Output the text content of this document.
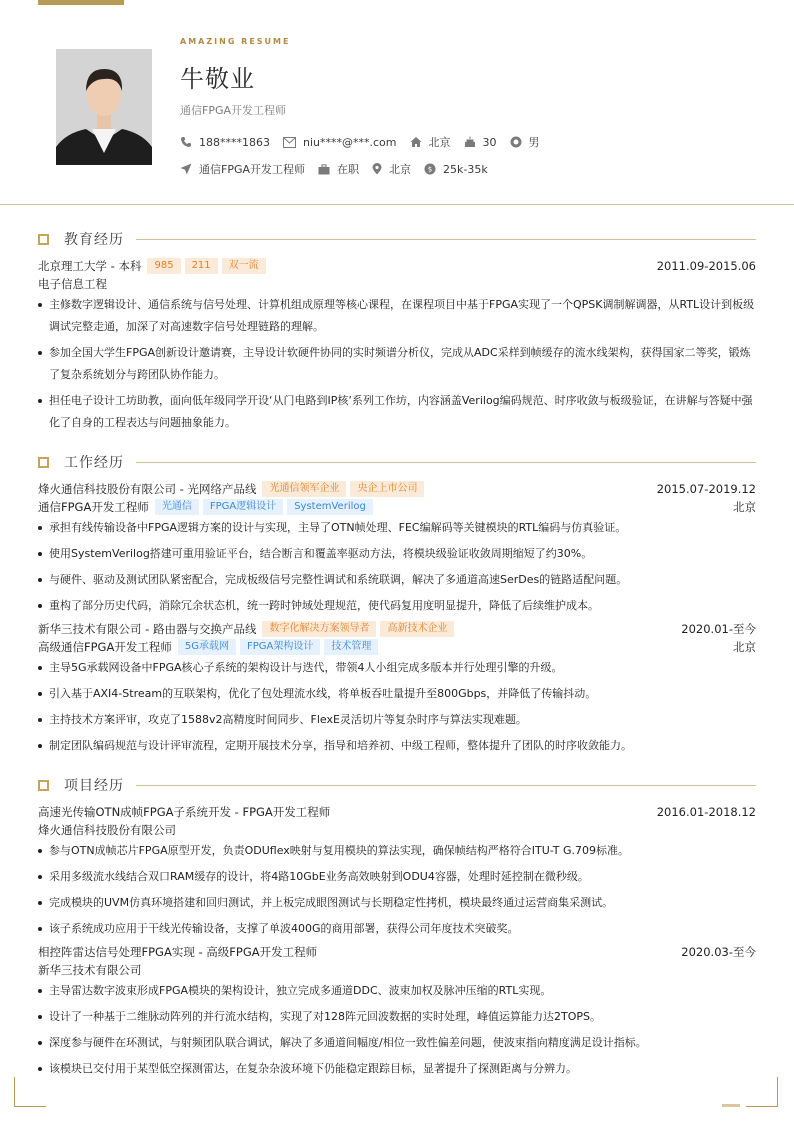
AMAZING RESUME
牛敬业
通信FPGA开发工程师
188****1863	niu****@***.com	北京	30	男
通信FPGA开发工程师	在职	北京 $ 25k-35k
教育经历
北京理工大学 - 本科	985	211	双一流	2011.09-2015.06
电子信息工程
主修数字逻辑设计、通信系统与信号处理、计算机组成原理等核心课程，在课程项目中基于FPGA实现了一个QPSK调制解调器，从RTL设计到板级调试完整走通，加深了对高速数字信号处理链路的理解。
参加全国大学生FPGA创新设计邀请赛，主导设计软硬件协同的实时频谱分析仪，完成从ADC采样到帧缓存的流水线架构，获得国家二等奖，锻炼了复杂系统划分与跨团队协作能力。
担任电子设计工坊助教，面向低年级同学开设‘从门电路到IP核’系列工作坊，内容涵盖Verilog编码规范、时序收敛与板级验证，在讲解与答疑中强化了自身的工程表达与问题抽象能力。
工作经历
烽火通信科技股份有限公司 - 光网络产品线	光通信领军企业	央企上市公司	2015.07-2019.12
通信FPGA开发工程师	光通信	FPGA逻辑设计	SystemVerilog	北京
承担有线传输设备中FPGA逻辑方案的设计与实现，主导了OTN帧处理、FEC编解码等关键模块的RTL编码与仿真验证。
使用SystemVerilog搭建可重用验证平台，结合断言和覆盖率驱动方法，将模块级验证收敛周期缩短了约30%。
与硬件、驱动及测试团队紧密配合，完成板级信号完整性调试和系统联调，解决了多通道高速SerDes的链路适配问题。
重构了部分历史代码，消除冗余状态机，统一跨时钟域处理规范，使代码复用度明显提升，降低了后续维护成本。
新华三技术有限公司 - 路由器与交换产品线	数字化解决方案领导者	高新技术企业	2020.01-至今
高级通信FPGA开发工程师	5G承载网	FPGA架构设计	技术管理	北京
主导5G承载网设备中FPGA核心子系统的架构设计与迭代，带领4人小组完成多版本并行处理引擎的升级。
引入基于AXI4-Stream的互联架构，优化了包处理流水线，将单板吞吐量提升至800Gbps，并降低了传输抖动。
主持技术方案评审，攻克了1588v2高精度时间同步、FlexE灵活切片等复杂时序与算法实现难题。
制定团队编码规范与设计评审流程，定期开展技术分享，指导和培养初、中级工程师，整体提升了团队的时序收敛能力。
项目经历
高速光传输OTN成帧FPGA子系统开发 - FPGA开发工程师	2016.01-2018.12
烽火通信科技股份有限公司
参与OTN成帧芯片FPGA原型开发，负责ODUflex映射与复用模块的算法实现，确保帧结构严格符合ITU-T G.709标准。
采用多级流水线结合双口RAM缓存的设计，将4路10GbE业务高效映射到ODU4容器，处理时延控制在微秒级。
完成模块的UVM仿真环境搭建和回归测试，并上板完成眼图测试与长期稳定性拷机，模块最终通过运营商集采测试。
该子系统成功应用于干线光传输设备，支撑了单波400G的商用部署，获得公司年度技术突破奖。
相控阵雷达信号处理FPGA实现 - 高级FPGA开发工程师	2020.03-至今
新华三技术有限公司
主导雷达数字波束形成FPGA模块的架构设计，独立完成多通道DDC、波束加权及脉冲压缩的RTL实现。
设计了一种基于二维脉动阵列的并行流水结构，实现了对128阵元回波数据的实时处理，峰值运算能力达2TOPS。
深度参与硬件在环测试，与射频团队联合调试，解决了多通道间幅度/相位一致性偏差问题，使波束指向精度满足设计指标。
该模块已交付用于某型低空探测雷达，在复杂杂波环境下仍能稳定跟踪目标，显著提升了探测距离与分辨力。
